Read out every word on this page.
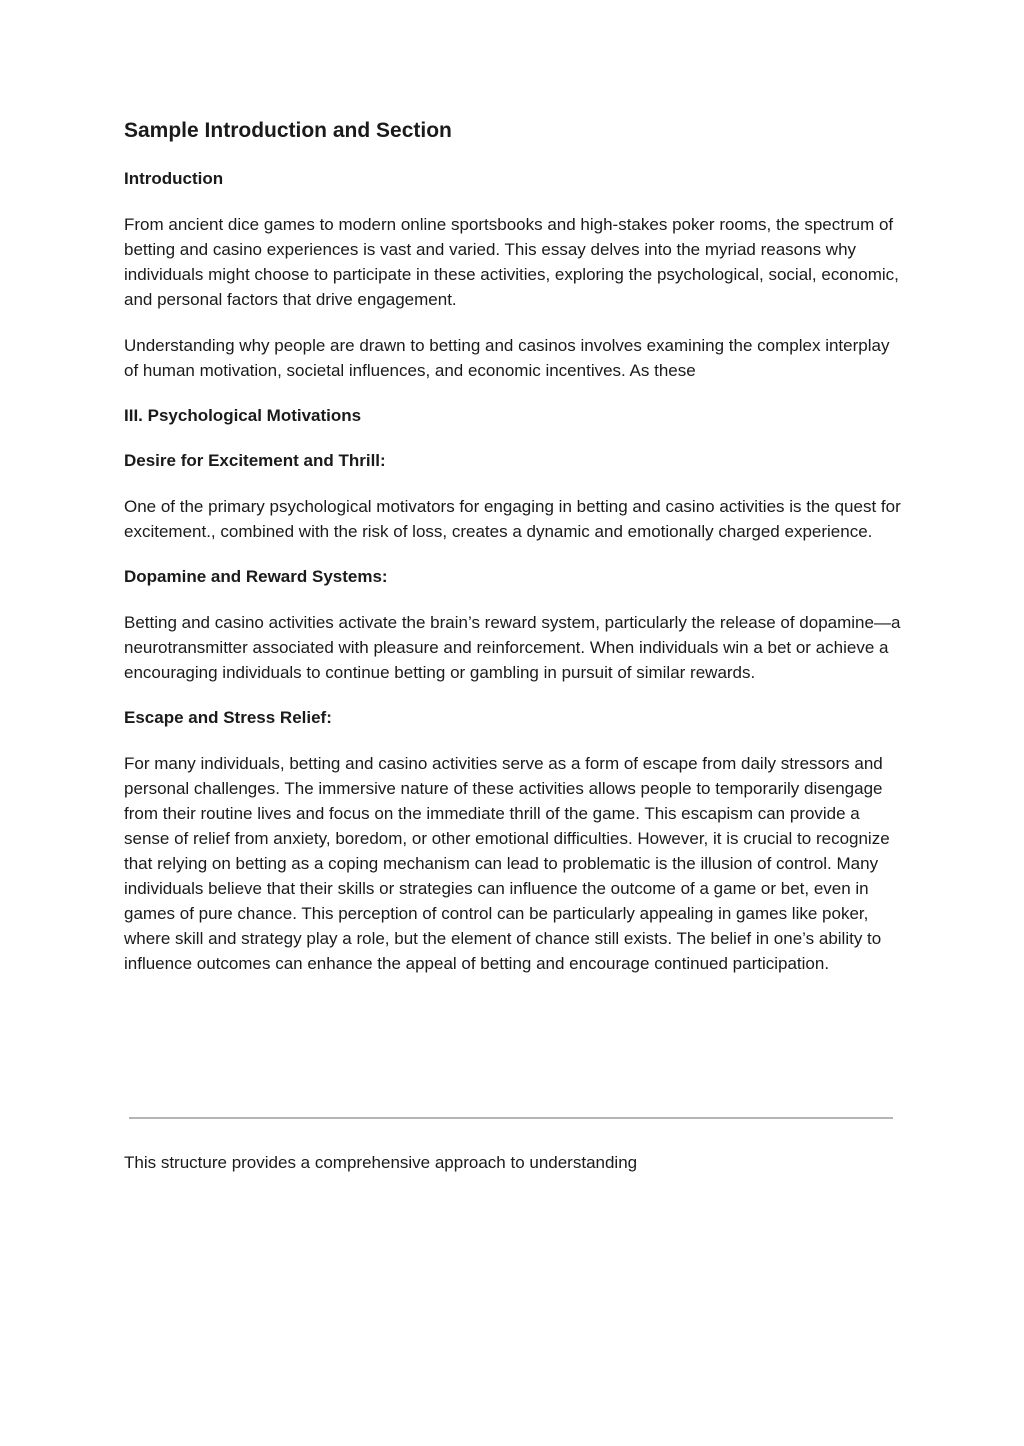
Sample Introduction and Section
Introduction

From ancient dice games to modern online sportsbooks and high-stakes poker rooms, the spectrum of betting and casino experiences is vast and varied. This essay delves into the myriad reasons why individuals might choose to participate in these activities, exploring the psychological, social, economic, and personal factors that drive engagement.

Understanding why people are drawn to betting and casinos involves examining the complex interplay of human motivation, societal influences, and economic incentives. As these

III. Psychological Motivations
Desire for Excitement and Thrill:

One of the primary psychological motivators for engaging in betting and casino activities is the quest for excitement., combined with the risk of loss, creates a dynamic and emotionally charged experience.

Dopamine and Reward Systems:

Betting and casino activities activate the brain’s reward system, particularly the release of dopamine—a neurotransmitter associated with pleasure and reinforcement. When individuals win a bet or achieve a encouraging individuals to continue betting or gambling in pursuit of similar rewards.

Escape and Stress Relief:

For many individuals, betting and casino activities serve as a form of escape from daily stressors and personal challenges. The immersive nature of these activities allows people to temporarily disengage from their routine lives and focus on the immediate thrill of the game. This escapism can provide a sense of relief from anxiety, boredom, or other emotional difficulties. However, it is crucial to recognize that relying on betting as a coping mechanism can lead to problematic is the illusion of control. Many individuals believe that their skills or strategies can influence the outcome of a game or bet, even in games of pure chance. This perception of control can be particularly appealing in games like poker, where skill and strategy play a role, but the element of chance still exists. The belief in one’s ability to influence outcomes can enhance the appeal of betting and encourage continued participation.

This structure provides a comprehensive approach to understanding
